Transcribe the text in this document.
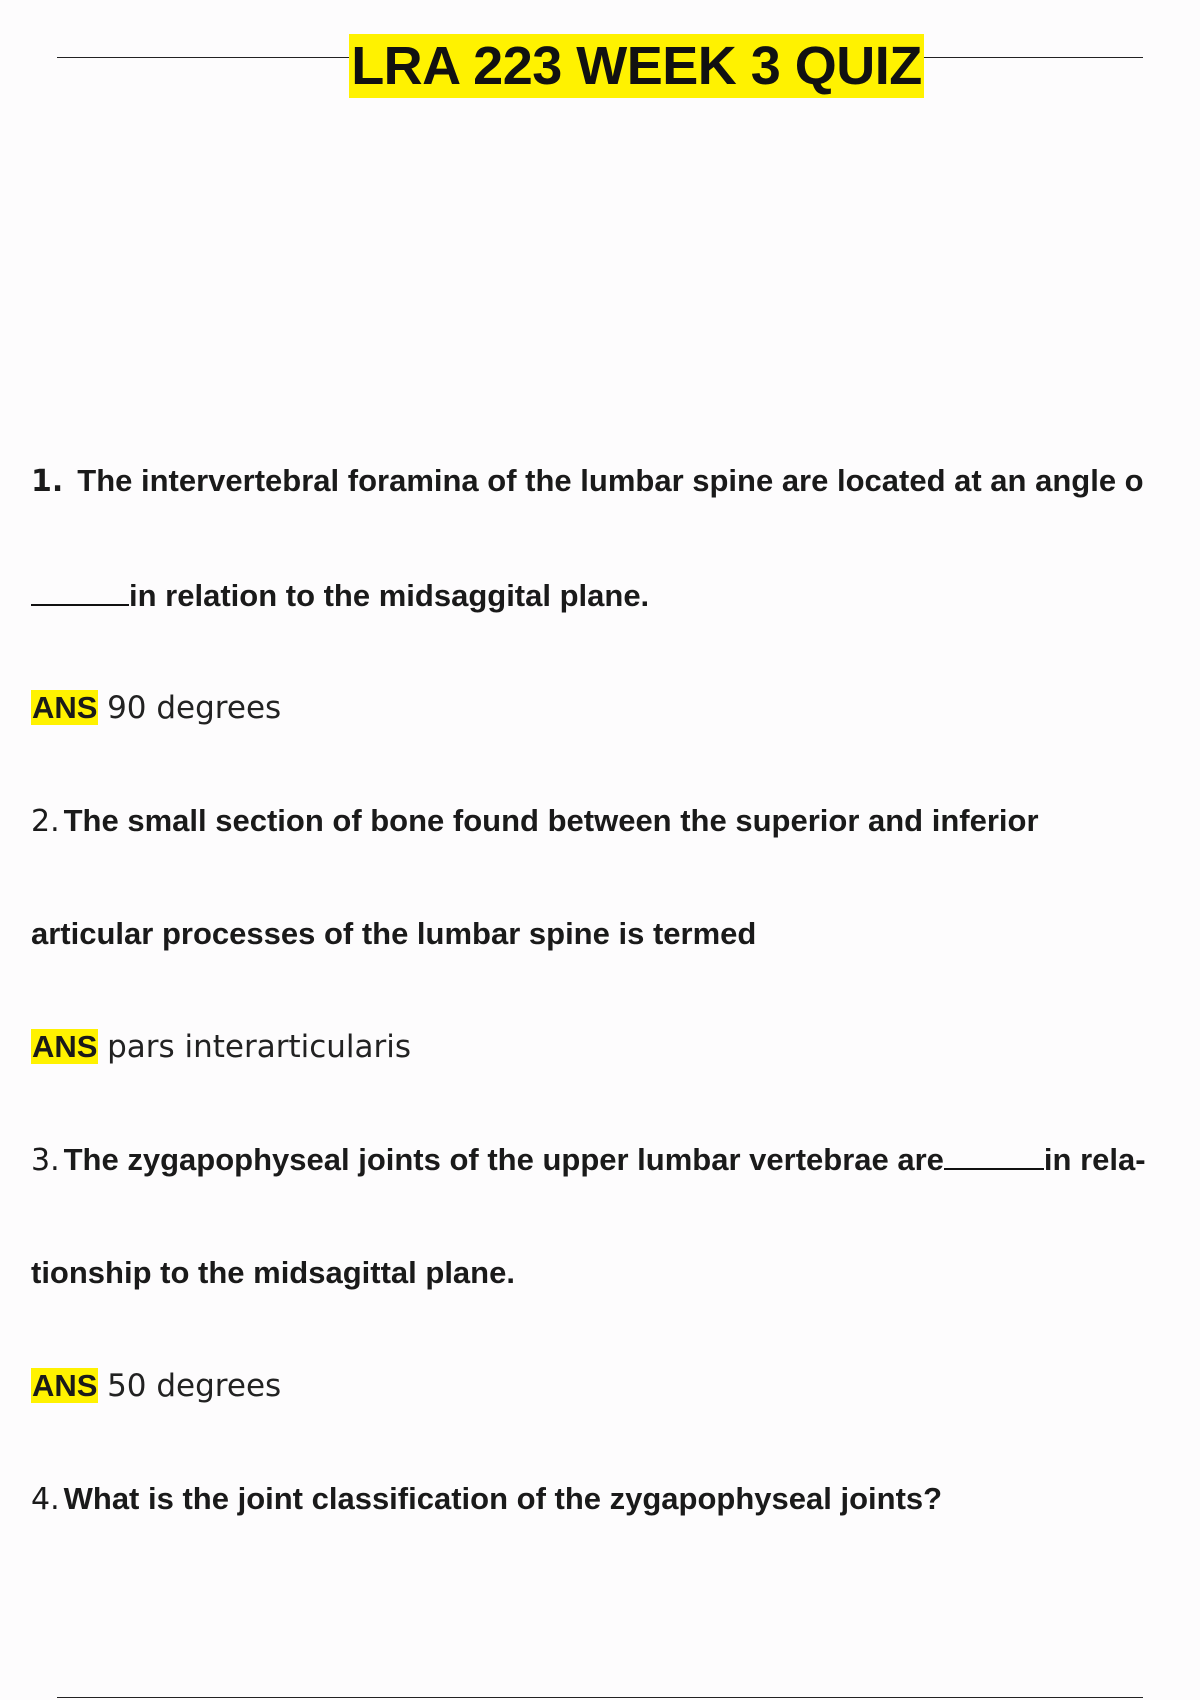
LRA 223 WEEK 3 QUIZ
1. The intervertebral foramina of the lumbar spine are located at an angle o
in relation to the midsaggital plane.
ANS 90 degrees
2. The small section of bone found between the superior and inferior
articular processes of the lumbar spine is termed
ANS pars interarticularis
3. The zygapophyseal joints of the upper lumbar vertebrae are	in rela-
tionship to the midsagittal plane.
ANS 50 degrees
4. What is the joint classification of the zygapophyseal joints?
